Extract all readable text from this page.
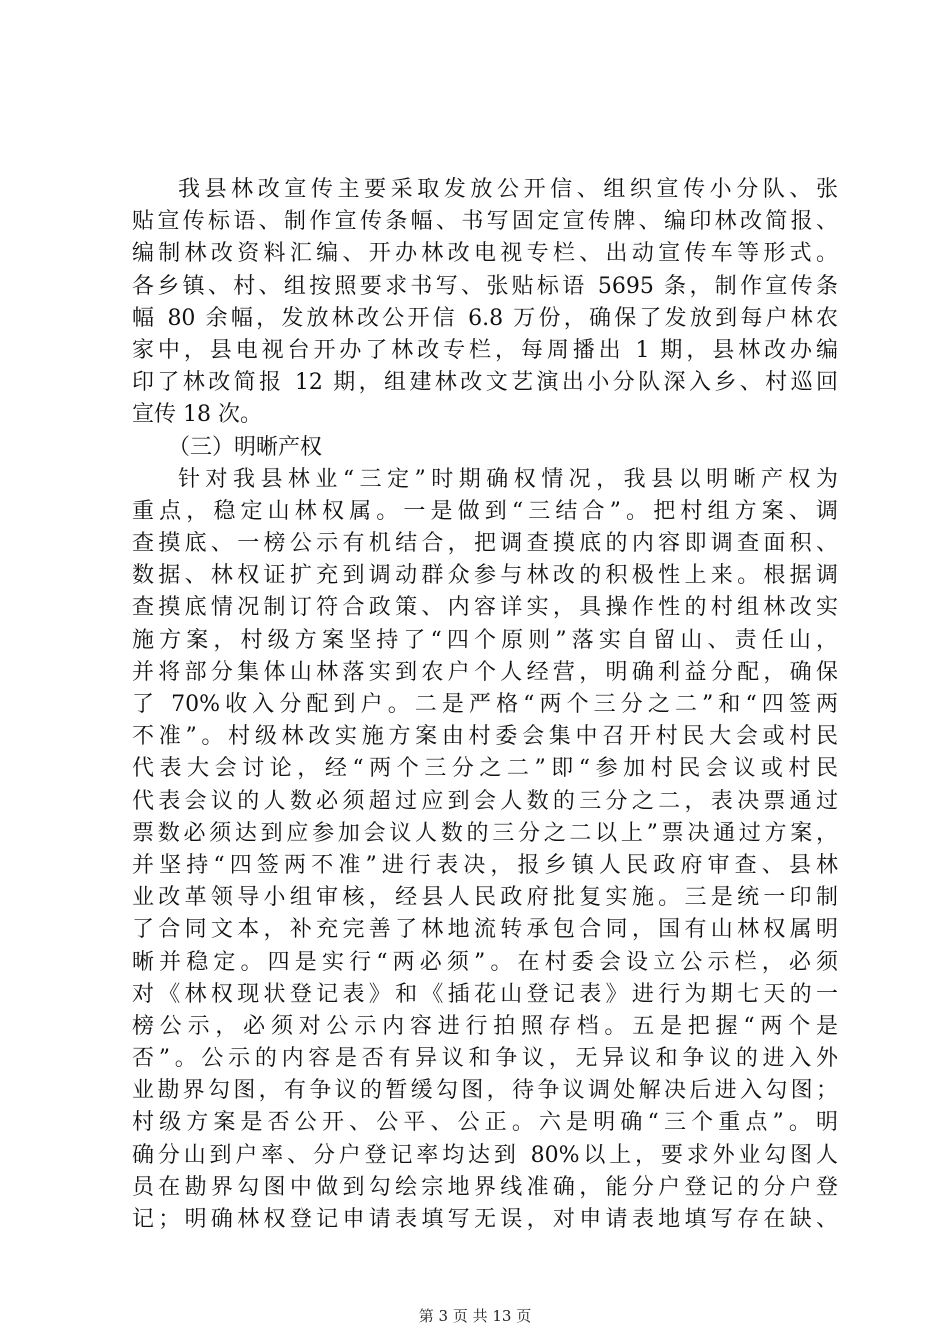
我县林改宣传主要采取发放公开信、组织宣传小分队、张
贴宣传标语、制作宣传条幅、书写固定宣传牌、编印林改简报、
编制林改资料汇编、开办林改电视专栏、出动宣传车等形式。
各乡镇、村、组按照要求书写、张贴标语 5695 条，制作宣传条
幅 80 余幅，发放林改公开信 6.8 万份，确保了发放到每户林农
家中，县电视台开办了林改专栏，每周播出 1 期，县林改办编
印了林改简报 12 期，组建林改文艺演出小分队深入乡、村巡回
宣传 18 次。
（三）明晰产权
针对我县林业“三定”时期确权情况，我县以明晰产权为
重点，稳定山林权属。一是做到“三结合”。把村组方案、调
查摸底、一榜公示有机结合，把调查摸底的内容即调查面积、
数据、林权证扩充到调动群众参与林改的积极性上来。根据调
查摸底情况制订符合政策、内容详实，具操作性的村组林改实
施方案，村级方案坚持了“四个原则”落实自留山、责任山，
并将部分集体山林落实到农户个人经营，明确利益分配，确保
了 70%收入分配到户。二是严格“两个三分之二”和“四签两
不准”。村级林改实施方案由村委会集中召开村民大会或村民
代表大会讨论，经“两个三分之二”即“参加村民会议或村民
代表会议的人数必须超过应到会人数的三分之二，表决票通过
票数必须达到应参加会议人数的三分之二以上”票决通过方案，
并坚持“四签两不准”进行表决，报乡镇人民政府审查、县林
业改革领导小组审核，经县人民政府批复实施。三是统一印制
了合同文本，补充完善了林地流转承包合同，国有山林权属明
晰并稳定。四是实行“两必须”。在村委会设立公示栏，必须
对《林权现状登记表》和《插花山登记表》进行为期七天的一
榜公示，必须对公示内容进行拍照存档。五是把握“两个是
否”。公示的内容是否有异议和争议，无异议和争议的进入外
业勘界勾图，有争议的暂缓勾图，待争议调处解决后进入勾图；
村级方案是否公开、公平、公正。六是明确“三个重点”。明
确分山到户率、分户登记率均达到 80%以上，要求外业勾图人
员在勘界勾图中做到勾绘宗地界线准确，能分户登记的分户登
记；明确林权登记申请表填写无误，对申请表地填写存在缺、
第 3 页 共 13 页
